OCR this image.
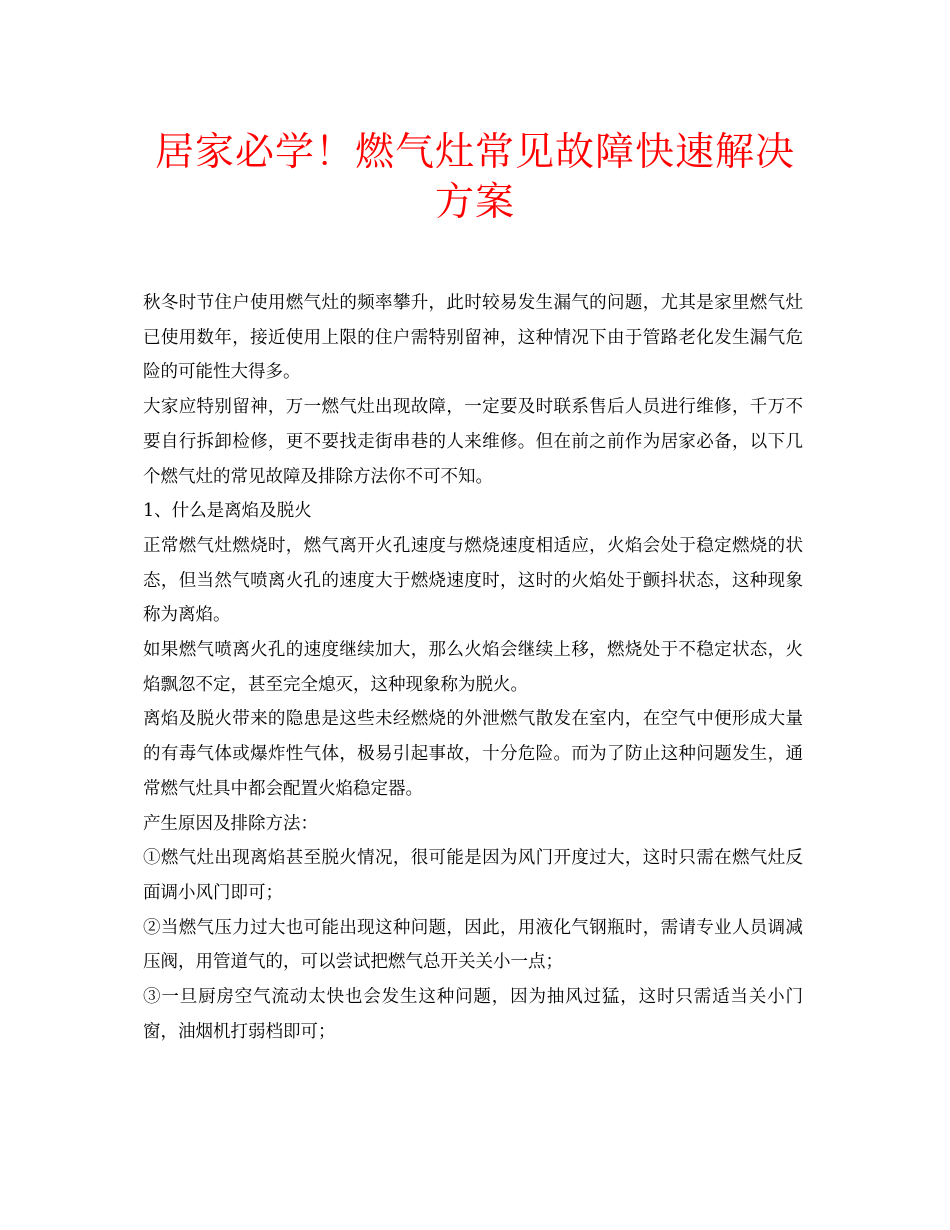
居家必学！燃气灶常见故障快速解决方案

秋冬时节住户使用燃气灶的频率攀升，此时较易发生漏气的问题，尤其是家里燃气灶已使用数年，接近使用上限的住户需特别留神，这种情况下由于管路老化发生漏气危险的可能性大得多。

大家应特别留神，万一燃气灶出现故障，一定要及时联系售后人员进行维修，千万不要自行拆卸检修，更不要找走街串巷的人来维修。但在前之前作为居家必备，以下几个燃气灶的常见故障及排除方法你不可不知。

1、什么是离焰及脱火

正常燃气灶燃烧时，燃气离开火孔速度与燃烧速度相适应，火焰会处于稳定燃烧的状态，但当然气喷离火孔的速度大于燃烧速度时，这时的火焰处于颤抖状态，这种现象称为离焰。

如果燃气喷离火孔的速度继续加大，那么火焰会继续上移，燃烧处于不稳定状态，火焰飘忽不定，甚至完全熄灭，这种现象称为脱火。

离焰及脱火带来的隐患是这些未经燃烧的外泄燃气散发在室内，在空气中便形成大量的有毒气体或爆炸性气体，极易引起事故，十分危险。而为了防止这种问题发生，通常燃气灶具中都会配置火焰稳定器。

产生原因及排除方法：

①燃气灶出现离焰甚至脱火情况，很可能是因为风门开度过大，这时只需在燃气灶反面调小风门即可；

②当燃气压力过大也可能出现这种问题，因此，用液化气钢瓶时，需请专业人员调减压阀，用管道气的，可以尝试把燃气总开关关小一点；

③一旦厨房空气流动太快也会发生这种问题，因为抽风过猛，这时只需适当关小门窗，油烟机打弱档即可；
